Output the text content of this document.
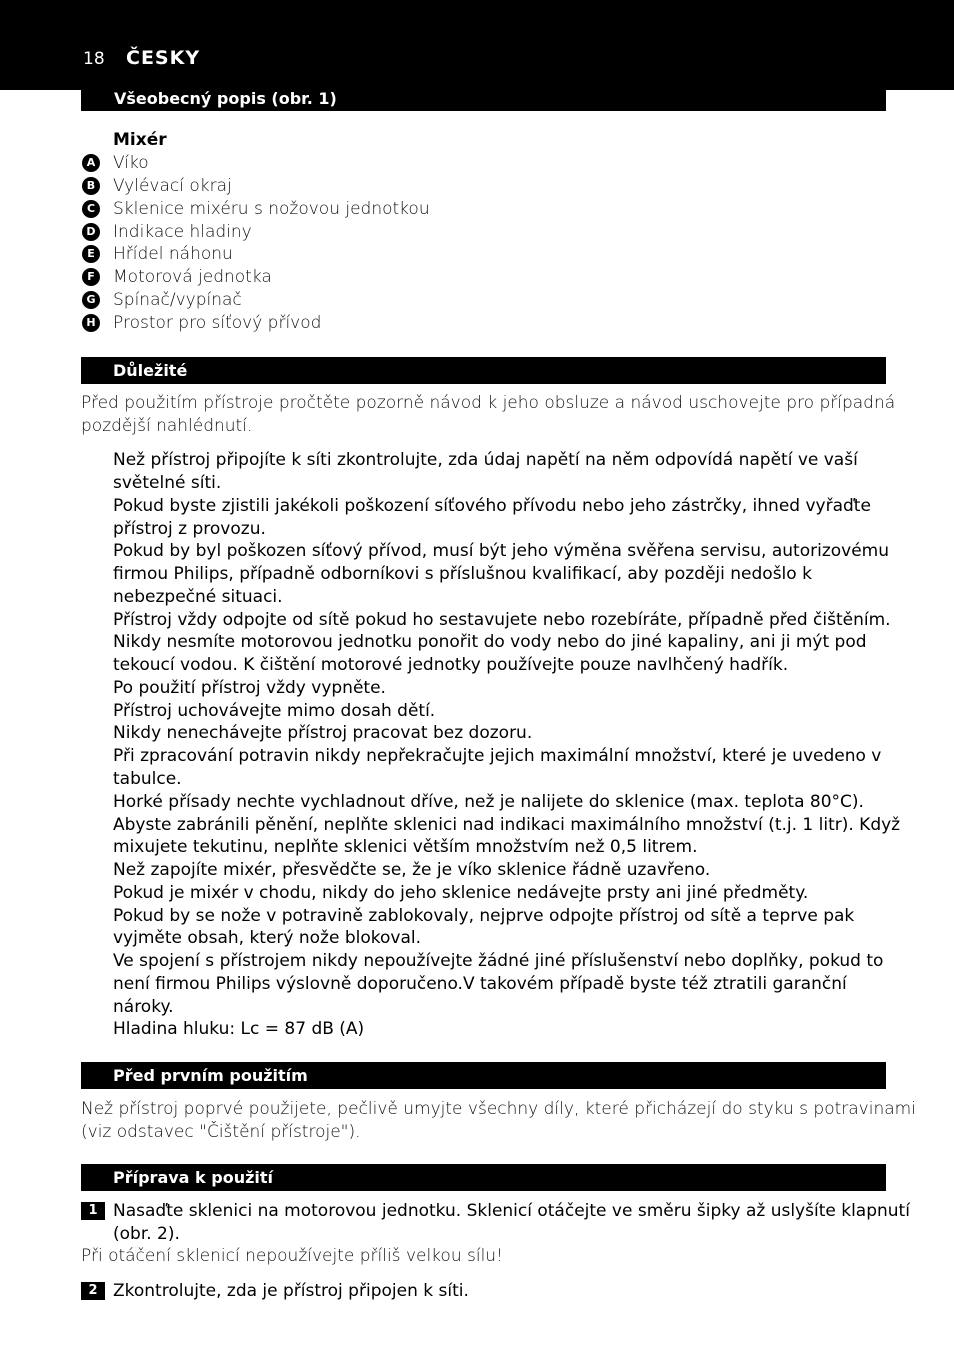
18 ČESKY
Všeobecný popis (obr. 1)
Mixér
A Víko
B Vylévací okraj
C Sklenice mixéru s nožovou jednotkou
D Indikace hladiny
E	Hřídel náhonu
F	Motorová jednotka
G Spínač/vypínač
H Prostor pro síťový přívod
Důležité
Před použitím přístroje pročtěte pozorně návod k jeho obsluze a návod uschovejte pro případná
pozdější nahlédnutí.
Než přístroj připojíte k síti zkontrolujte, zda údaj napětí na něm odpovídá napětí ve vaší
světelné síti.
Pokud byste zjistili jakékoli poškození síťového přívodu nebo jeho zástrčky, ihned vyřaďte
přístroj z provozu.
Pokud by byl poškozen síťový přívod, musí být jeho výměna svěřena servisu, autorizovému
firmou Philips, případně odborníkovi s příslušnou kvalifikací, aby později nedošlo k
nebezpečné situaci.
Přístroj vždy odpojte od sítě pokud ho sestavujete nebo rozebíráte, případně před čištěním.
Nikdy nesmíte motorovou jednotku ponořit do vody nebo do jiné kapaliny, ani ji mýt pod
tekoucí vodou. K čištění motorové jednotky používejte pouze navlhčený hadřík.
Po použití přístroj vždy vypněte.
Přístroj uchovávejte mimo dosah dětí.
Nikdy nenechávejte přístroj pracovat bez dozoru.
Při zpracování potravin nikdy nepřekračujte jejich maximální množství, které je uvedeno v
tabulce.
Horké přísady nechte vychladnout dříve, než je nalijete do sklenice (max. teplota 80°C).
Abyste zabránili pěnění, neplňte sklenici nad indikaci maximálního množství (t.j. 1 litr). Když
mixujete tekutinu, neplňte sklenici větším množstvím než 0,5 litrem.
Než zapojíte mixér, přesvědčte se, že je víko sklenice řádně uzavřeno.
Pokud je mixér v chodu, nikdy do jeho sklenice nedávejte prsty ani jiné předměty.
Pokud by se nože v potravině zablokovaly, nejprve odpojte přístroj od sítě a teprve pak
vyjměte obsah, který nože blokoval.
Ve spojení s přístrojem nikdy nepoužívejte žádné jiné příslušenství nebo doplňky, pokud to
není firmou Philips výslovně doporučeno.V takovém případě byste též ztratili garanční
nároky.
Hladina hluku: Lc = 87 dB (A)
Před prvním použitím
Než přístroj poprvé použijete, pečlivě umyjte všechny díly, které přicházejí do styku s potravinami
(viz odstavec "Čištění přístroje").
Příprava k použití
1 Nasaďte sklenici na motorovou jednotku. Sklenicí otáčejte ve směru šipky až uslyšíte klapnutí
(obr. 2).
Při otáčení sklenicí nepoužívejte příliš velkou sílu!
2 Zkontrolujte, zda je přístroj připojen k síti.
